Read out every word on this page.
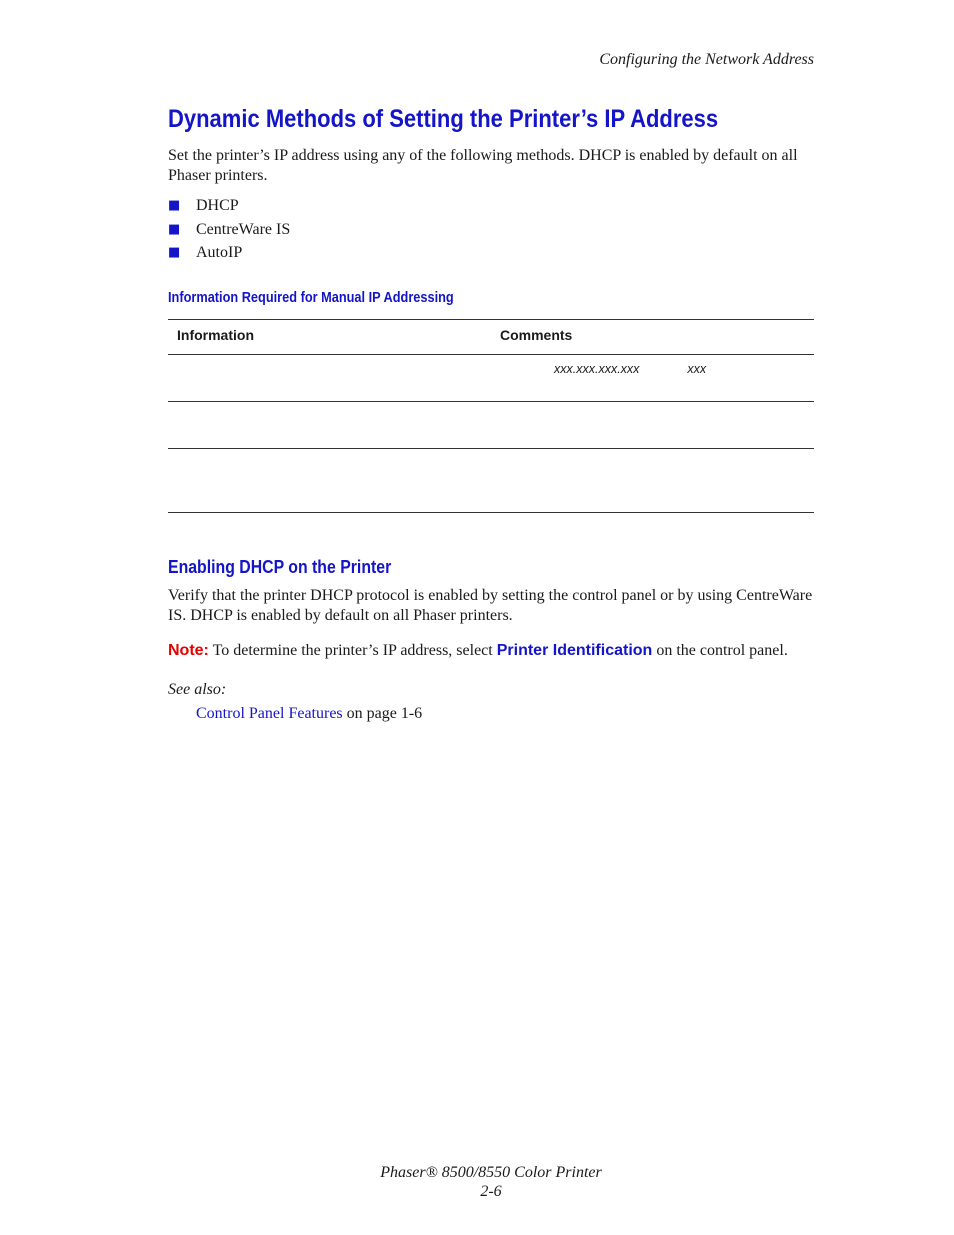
Configuring the Network Address
Dynamic Methods of Setting the Printer’s IP Address

Set the printer’s IP address using any of the following methods. DHCP is enabled by default on all Phaser printers.

■ DHCP
■ CentreWare IS
■ AutoIP
Information Required for Manual IP Addressing
Information	Comments
	xxx.xxx.xxx.xxx xxx

Enabling DHCP on the Printer

Verify that the printer DHCP protocol is enabled by setting the control panel or by using CentreWare IS. DHCP is enabled by default on all Phaser printers.

Note: To determine the printer’s IP address, select Printer Identification on the control panel.

See also:
Control Panel Features on page 1-6
Phaser® 8500/8550 Color Printer
2-6
